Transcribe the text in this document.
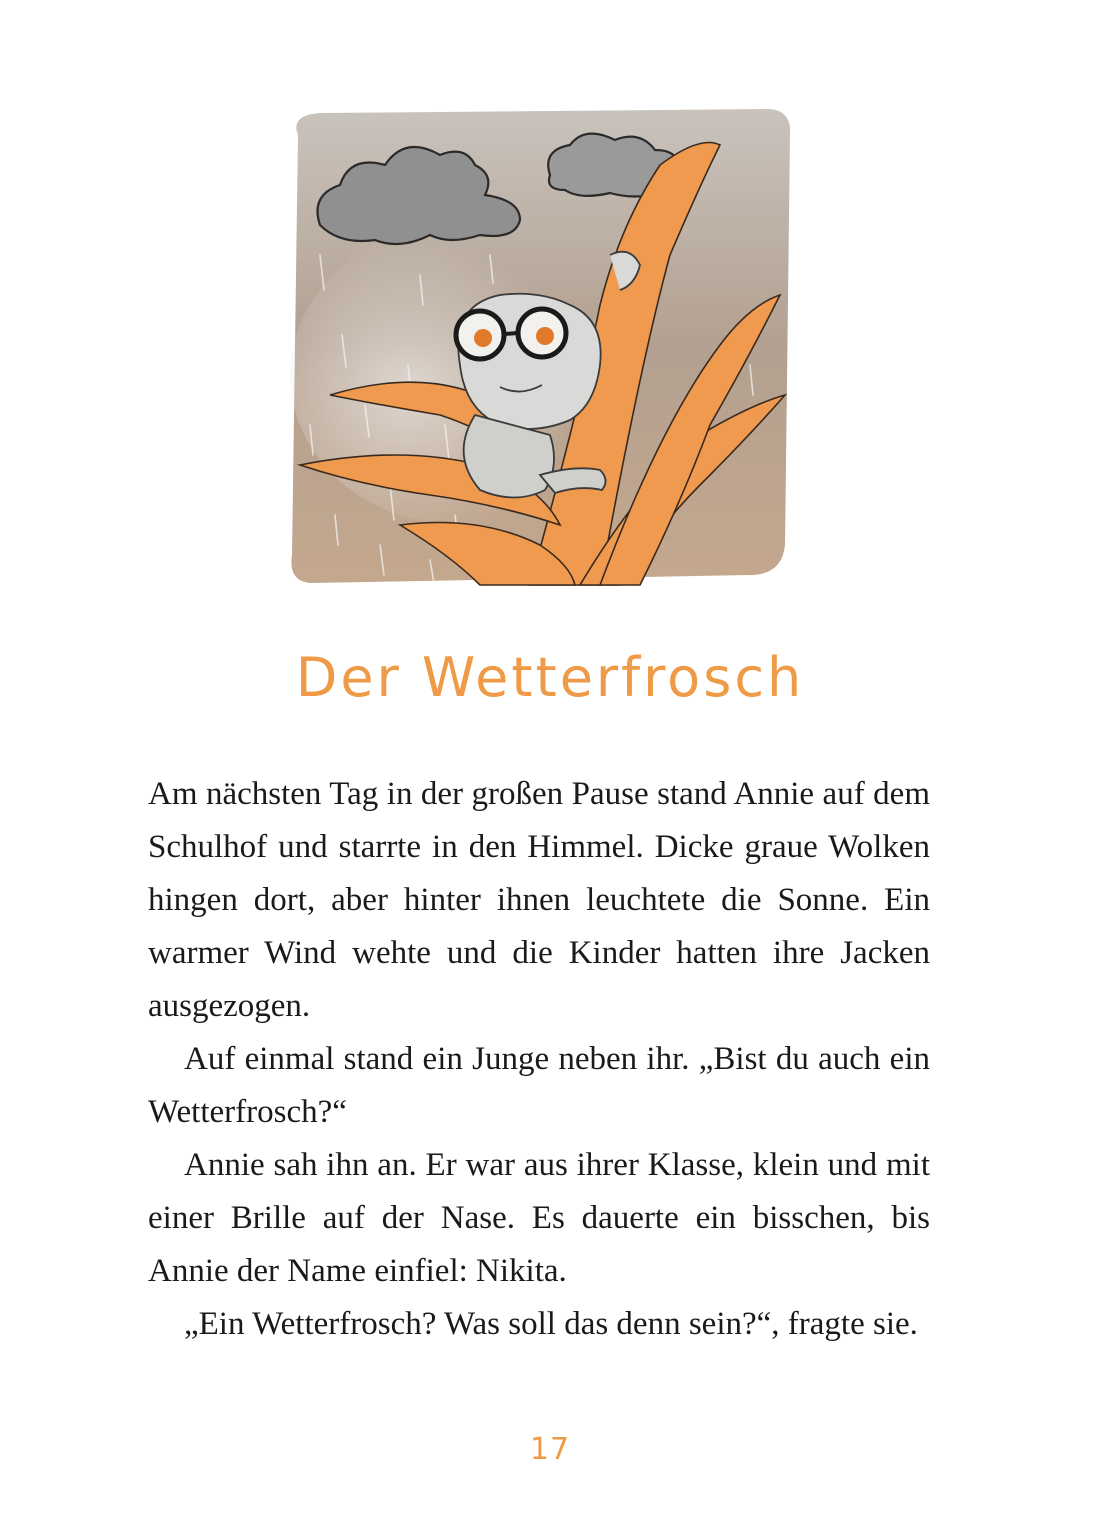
Der Wetterfrosch

Am nächsten Tag in der großen Pause stand Annie auf dem Schulhof und starrte in den Himmel. Dicke graue Wolken hingen dort, aber hinter ihnen leuchtete die Sonne. Ein warmer Wind wehte und die Kinder hatten ihre Jacken ausgezogen.

Auf einmal stand ein Junge neben ihr. „Bist du auch ein Wetterfrosch?“

Annie sah ihn an. Er war aus ihrer Klasse, klein und mit einer Brille auf der Nase. Es dauerte ein bisschen, bis Annie der Name einfiel: Nikita.

„Ein Wetterfrosch? Was soll das denn sein?“, fragte sie.

17
